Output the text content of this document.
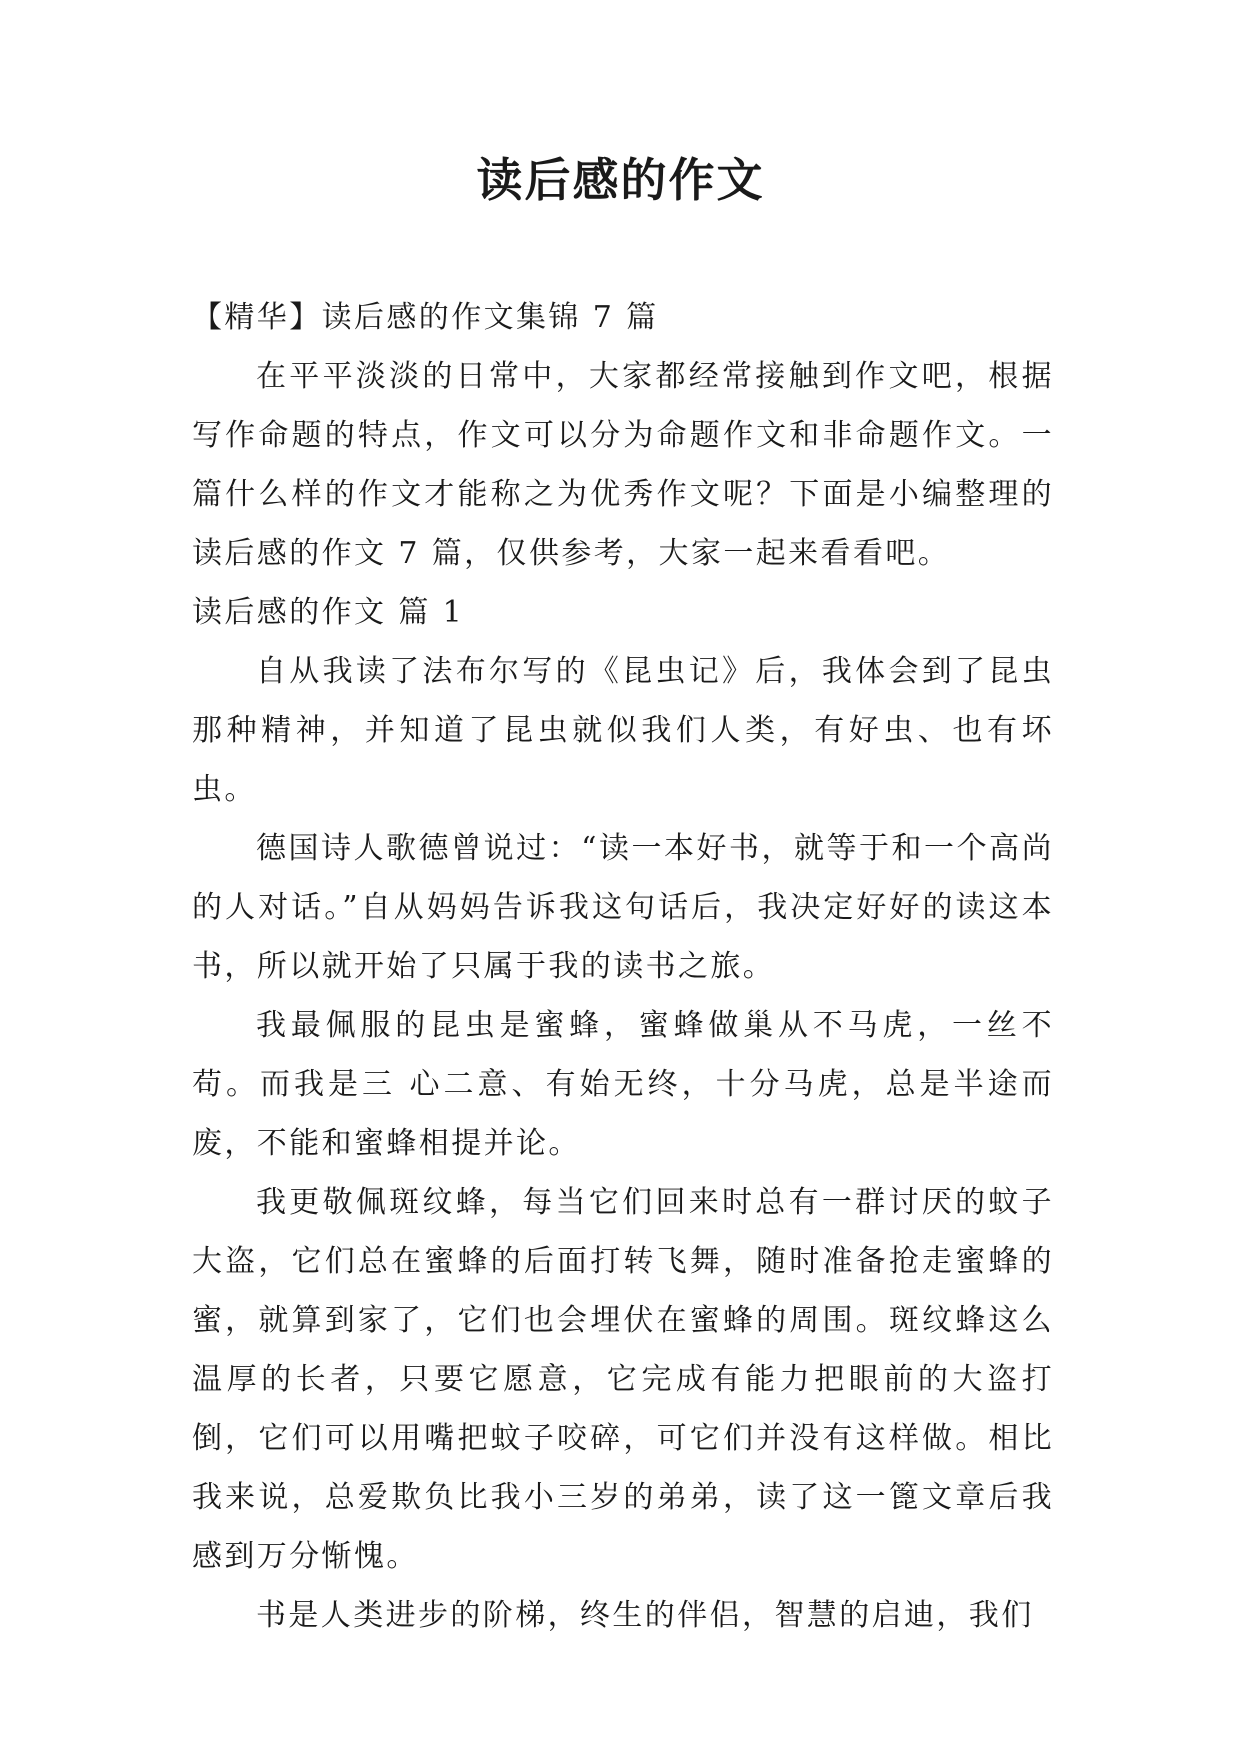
读后感的作文

【精华】读后感的作文集锦 7 篇

在平平淡淡的日常中，大家都经常接触到作文吧，根据写作命题的特点，作文可以分为命题作文和非命题作文。一篇什么样的作文才能称之为优秀作文呢？下面是小编整理的读后感的作文 7 篇，仅供参考，大家一起来看看吧。

读后感的作文 篇 1

自从我读了法布尔写的《昆虫记》后，我体会到了昆虫那种精神，并知道了昆虫就似我们人类，有好虫、也有坏虫。

德国诗人歌德曾说过：“读一本好书，就等于和一个高尚的人对话。”自从妈妈告诉我这句话后，我决定好好的读这本书，所以就开始了只属于我的读书之旅。

我最佩服的昆虫是蜜蜂，蜜蜂做巢从不马虎，一丝不苟。而我是三 心二意、有始无终，十分马虎，总是半途而废，不能和蜜蜂相提并论。

我更敬佩斑纹蜂，每当它们回来时总有一群讨厌的蚊子大盗，它们总在蜜蜂的后面打转飞舞，随时准备抢走蜜蜂的蜜，就算到家了，它们也会埋伏在蜜蜂的周围。斑纹蜂这么温厚的长者，只要它愿意，它完成有能力把眼前的大盗打倒，它们可以用嘴把蚊子咬碎，可它们并没有这样做。相比我来说，总爱欺负比我小三岁的弟弟，读了这一篦文章后我感到万分惭愧。

书是人类进步的阶梯，终生的伴侣，智慧的启迪，我们
